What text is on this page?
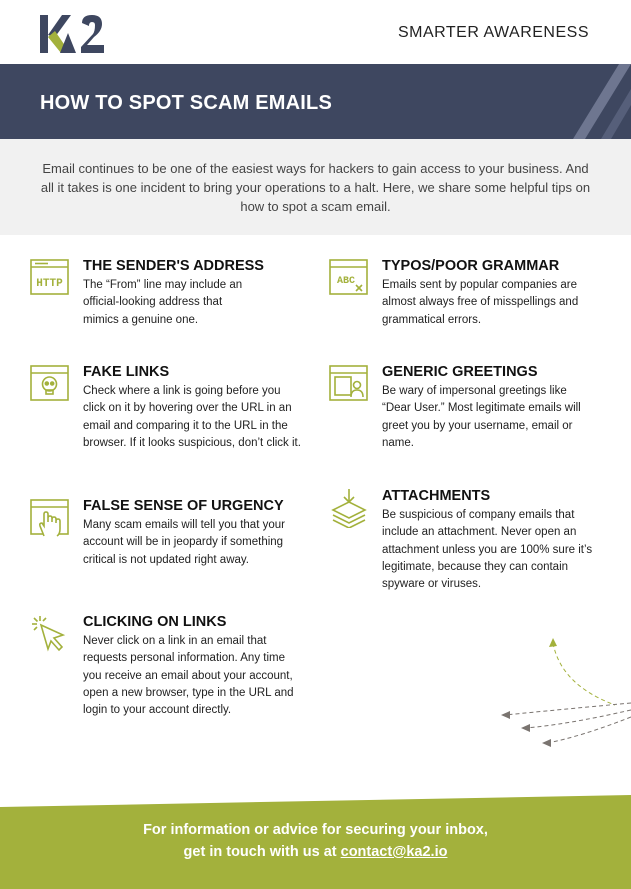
SMARTER AWARENESS
HOW TO SPOT SCAM EMAILS

Email continues to be one of the easiest ways for hackers to gain access to your business. And all it takes is one incident to bring your operations to a halt. Here, we share some helpful tips on how to spot a scam email.

HTTP
THE SENDER'S ADDRESS

The “From” line may include an official-looking address that mimics a genuine one.

ABC
TYPOS/POOR GRAMMAR

Emails sent by popular companies are almost always free of misspellings and grammatical errors.

FAKE LINKS

Check where a link is going before you click on it by hovering over the URL in an email and comparing it to the URL in the browser. If it looks suspicious, don’t click it.

GENERIC GREETINGS

Be wary of impersonal greetings like “Dear User.” Most legitimate emails will greet you by your username, email or name.

FALSE SENSE OF URGENCY

Many scam emails will tell you that your account will be in jeopardy if something critical is not updated right away.

ATTACHMENTS

Be suspicious of company emails that include an attachment. Never open an attachment unless you are 100% sure it’s legitimate, because they can contain spyware or viruses.

CLICKING ON LINKS

Never click on a link in an email that requests personal information. Any time you receive an email about your account, open a new browser, type in the URL and login to your account directly.

For information or advice for securing your inbox,
get in touch with us at contact@ka2.io
